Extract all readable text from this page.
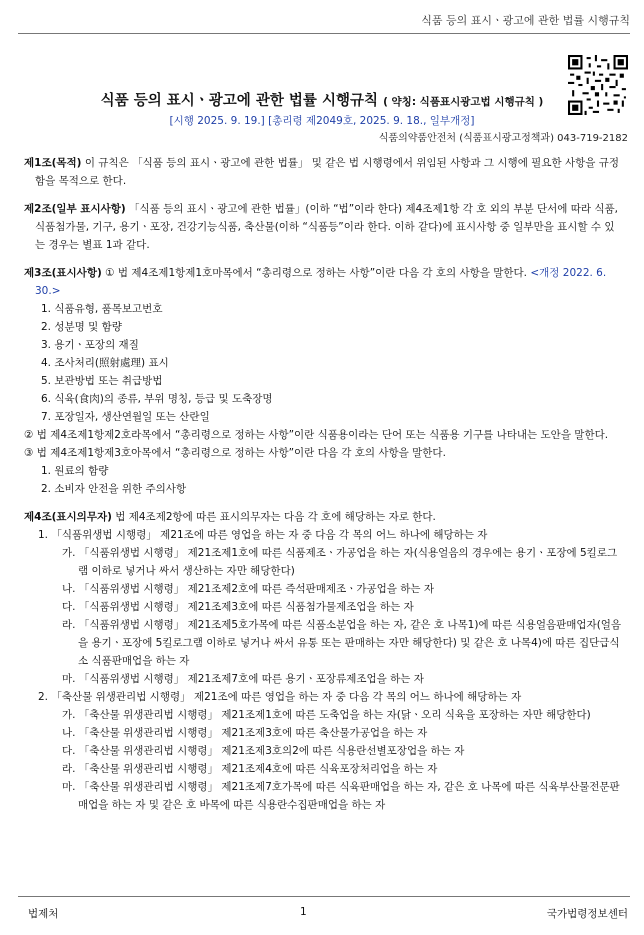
식품 등의 표시ㆍ광고에 관한 법률 시행규칙
식품 등의 표시ㆍ광고에 관한 법률 시행규칙 ( 약칭: 식품표시광고법 시행규칙 )
[시행 2025. 9. 19.] [총리령 제2049호, 2025. 9. 18., 일부개정]
식품의약품안전처 (식품표시광고정책과) 043-719-2182

제1조(목적) 이 규칙은 「식품 등의 표시ㆍ광고에 관한 법률」 및 같은 법 시행령에서 위임된 사항과 그 시행에 필요한 사항을 규정함을 목적으로 한다.

제2조(일부 표시사항) 「식품 등의 표시ㆍ광고에 관한 법률」(이하 “법”이라 한다) 제4조제1항 각 호 외의 부분 단서에 따라 식품, 식품첨가물, 기구, 용기ㆍ포장, 건강기능식품, 축산물(이하 “식품등”이라 한다. 이하 같다)에 표시사항 중 일부만을 표시할 수 있는 경우는 별표 1과 같다.

제3조(표시사항) ① 법 제4조제1항제1호마목에서 “총리령으로 정하는 사항”이란 다음 각 호의 사항을 말한다. <개정 2022. 6. 30.>

1. 식품유형, 품목보고번호

2. 성분명 및 함량

3. 용기ㆍ포장의 재질

4. 조사처리(照射處理) 표시

5. 보관방법 또는 취급방법

6. 식육(食肉)의 종류, 부위 명칭, 등급 및 도축장명

7. 포장일자, 생산연월일 또는 산란일

② 법 제4조제1항제2호라목에서 “총리령으로 정하는 사항”이란 식품용이라는 단어 또는 식품용 기구를 나타내는 도안을 말한다.

③ 법 제4조제1항제3호아목에서 “총리령으로 정하는 사항”이란 다음 각 호의 사항을 말한다.

1. 원료의 함량

2. 소비자 안전을 위한 주의사항

제4조(표시의무자) 법 제4조제2항에 따른 표시의무자는 다음 각 호에 해당하는 자로 한다.

1. 「식품위생법 시행령」 제21조에 따른 영업을 하는 자 중 다음 각 목의 어느 하나에 해당하는 자

가. 「식품위생법 시행령」 제21조제1호에 따른 식품제조ㆍ가공업을 하는 자(식용얼음의 경우에는 용기ㆍ포장에 5킬로그램 이하로 넣거나 싸서 생산하는 자만 해당한다)

나. 「식품위생법 시행령」 제21조제2호에 따른 즉석판매제조ㆍ가공업을 하는 자

다. 「식품위생법 시행령」 제21조제3호에 따른 식품첨가물제조업을 하는 자

라. 「식품위생법 시행령」 제21조제5호가목에 따른 식품소분업을 하는 자, 같은 호 나목1)에 따른 식용얼음판매업자(얼음을 용기ㆍ포장에 5킬로그램 이하로 넣거나 싸서 유통 또는 판매하는 자만 해당한다) 및 같은 호 나목4)에 따른 집단급식소 식품판매업을 하는 자

마. 「식품위생법 시행령」 제21조제7호에 따른 용기ㆍ포장류제조업을 하는 자

2. 「축산물 위생관리법 시행령」 제21조에 따른 영업을 하는 자 중 다음 각 목의 어느 하나에 해당하는 자

가. 「축산물 위생관리법 시행령」 제21조제1호에 따른 도축업을 하는 자(닭ㆍ오리 식육을 포장하는 자만 해당한다)

나. 「축산물 위생관리법 시행령」 제21조제3호에 따른 축산물가공업을 하는 자

다. 「축산물 위생관리법 시행령」 제21조제3호의2에 따른 식용란선별포장업을 하는 자

라. 「축산물 위생관리법 시행령」 제21조제4호에 따른 식육포장처리업을 하는 자

마. 「축산물 위생관리법 시행령」 제21조제7호가목에 따른 식육판매업을 하는 자, 같은 호 나목에 따른 식육부산물전문판매업을 하는 자 및 같은 호 바목에 따른 식용란수집판매업을 하는 자

법제처	1	국가법령정보센터
